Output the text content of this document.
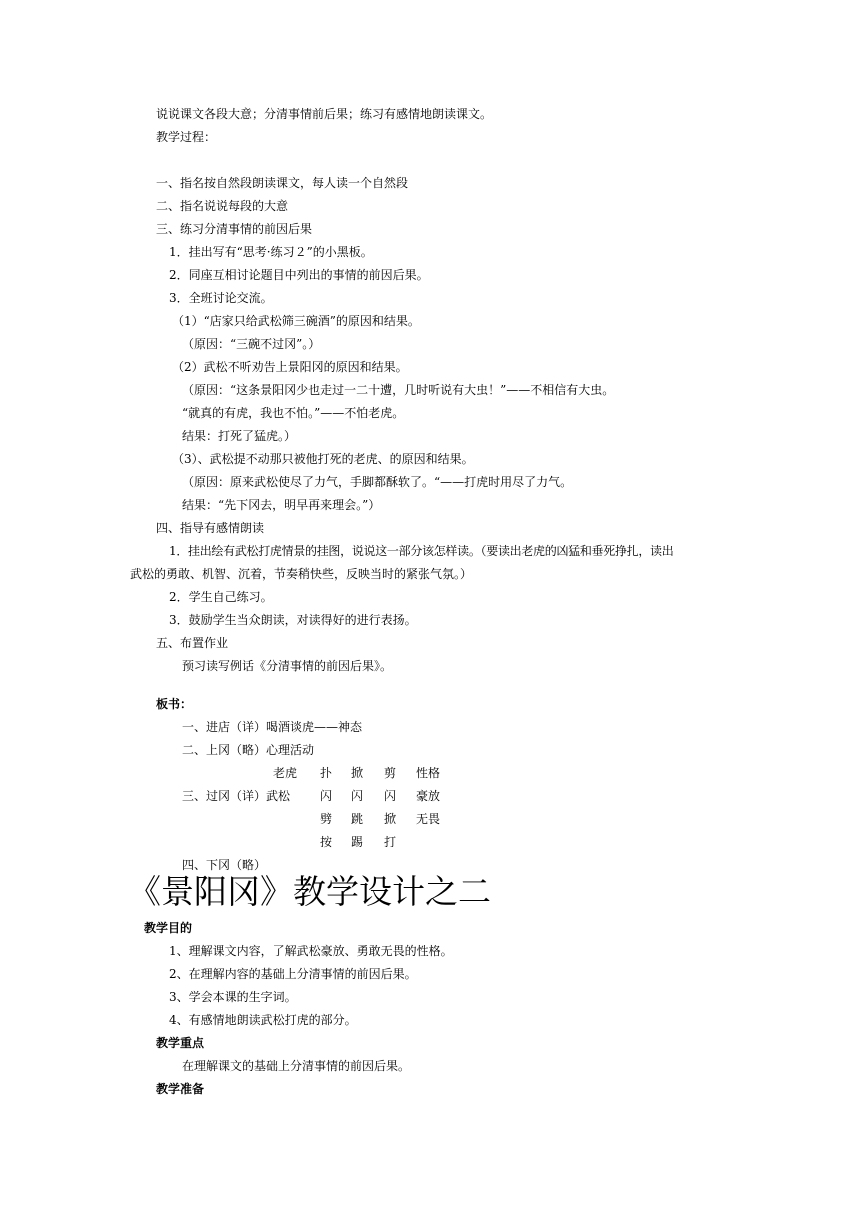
说说课文各段大意；分清事情前后果；练习有感情地朗读课文。
教学过程：
一、指名按自然段朗读课文，每人读一个自然段
二、指名说说每段的大意
三、练习分清事情的前因后果
1．挂出写有“思考·练习２”的小黑板。
2．同座互相讨论题目中列出的事情的前因后果。
3．全班讨论交流。
（1）“店家只给武松筛三碗酒”的原因和结果。
（原因：“三碗不过冈”。）
（2）武松不听劝告上景阳冈的原因和结果。
（原因：“这条景阳冈少也走过一二十遭，几时听说有大虫！”——不相信有大虫。
“就真的有虎，我也不怕。”——不怕老虎。
结果：打死了猛虎。）
（3）、武松提不动那只被他打死的老虎、的原因和结果。
（原因：原来武松使尽了力气，手脚都酥软了。“——打虎时用尽了力气。
结果：“先下冈去，明早再来理会。”）
四、指导有感情朗读
1．挂出绘有武松打虎情景的挂图，说说这一部分该怎样读。（要读出老虎的凶猛和垂死挣扎，读出
武松的勇敢、机智、沉着，节奏稍快些，反映当时的紧张气氛。）
2．学生自己练习。
3．鼓励学生当众朗读，对读得好的进行表扬。
五、布置作业
预习读写例话《分清事情的前因后果》。
板书：
一、进店（详）喝酒谈虎——神态
二、上冈（略）心理活动
三、过冈（详）武松
老虎 扑 掀 剪 性格
闪 闪 闪 豪放
劈 跳 掀 无畏
按 踢 打
四、下冈（略）
《景阳冈》教学设计之二
教学目的
1、理解课文内容，了解武松豪放、勇敢无畏的性格。
2、在理解内容的基础上分清事情的前因后果。
3、学会本课的生字词。
4、有感情地朗读武松打虎的部分。
教学重点
在理解课文的基础上分清事情的前因后果。
教学准备
